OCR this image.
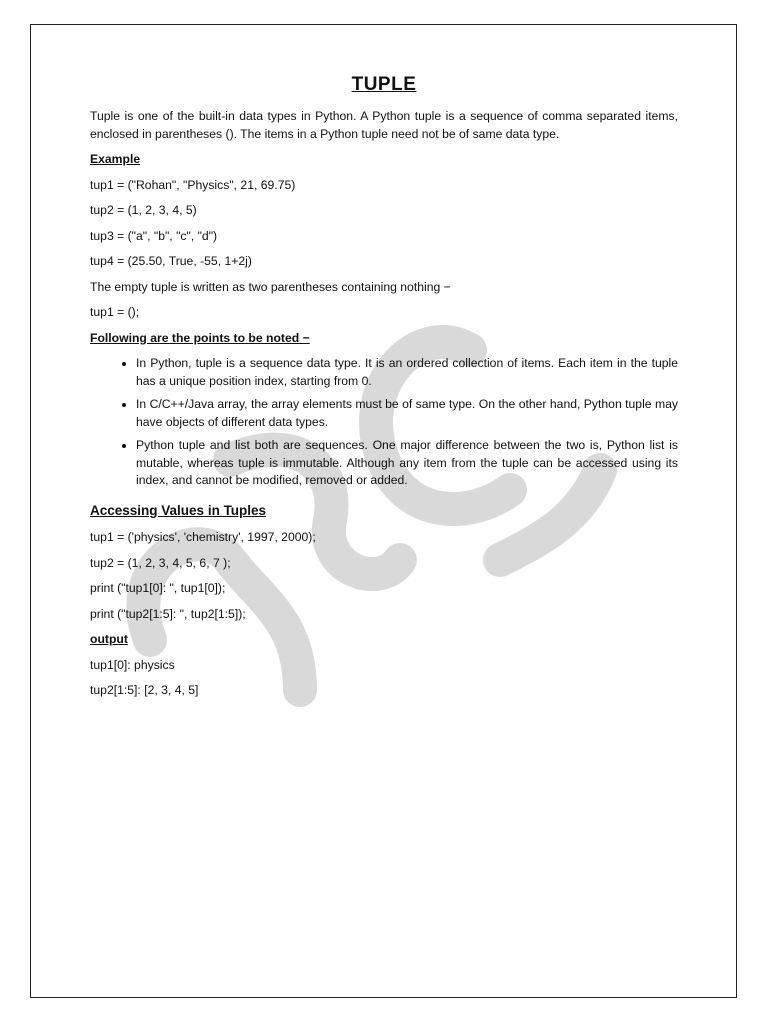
TUPLE

Tuple is one of the built-in data types in Python. A Python tuple is a sequence of comma separated items, enclosed in parentheses (). The items in a Python tuple need not be of same data type.

Example

tup1 = ("Rohan", "Physics", 21, 69.75)

tup2 = (1, 2, 3, 4, 5)

tup3 = ("a", "b", "c", "d")

tup4 = (25.50, True, -55, 1+2j)

The empty tuple is written as two parentheses containing nothing −

tup1 = ();

Following are the points to be noted −
• In Python, tuple is a sequence data type. It is an ordered collection of items. Each item in the tuple has a unique position index, starting from 0.
• In C/C++/Java array, the array elements must be of same type. On the other hand, Python tuple may have objects of different data types.
• Python tuple and list both are sequences. One major difference between the two is, Python list is mutable, whereas tuple is immutable. Although any item from the tuple can be accessed using its index, and cannot be modified, removed or added.
Accessing Values in Tuples

tup1 = ('physics', 'chemistry', 1997, 2000);

tup2 = (1, 2, 3, 4, 5, 6, 7 );

print ("tup1[0]: ", tup1[0]);

print ("tup2[1:5]: ", tup2[1:5]);

output

tup1[0]: physics

tup2[1:5]: [2, 3, 4, 5]
